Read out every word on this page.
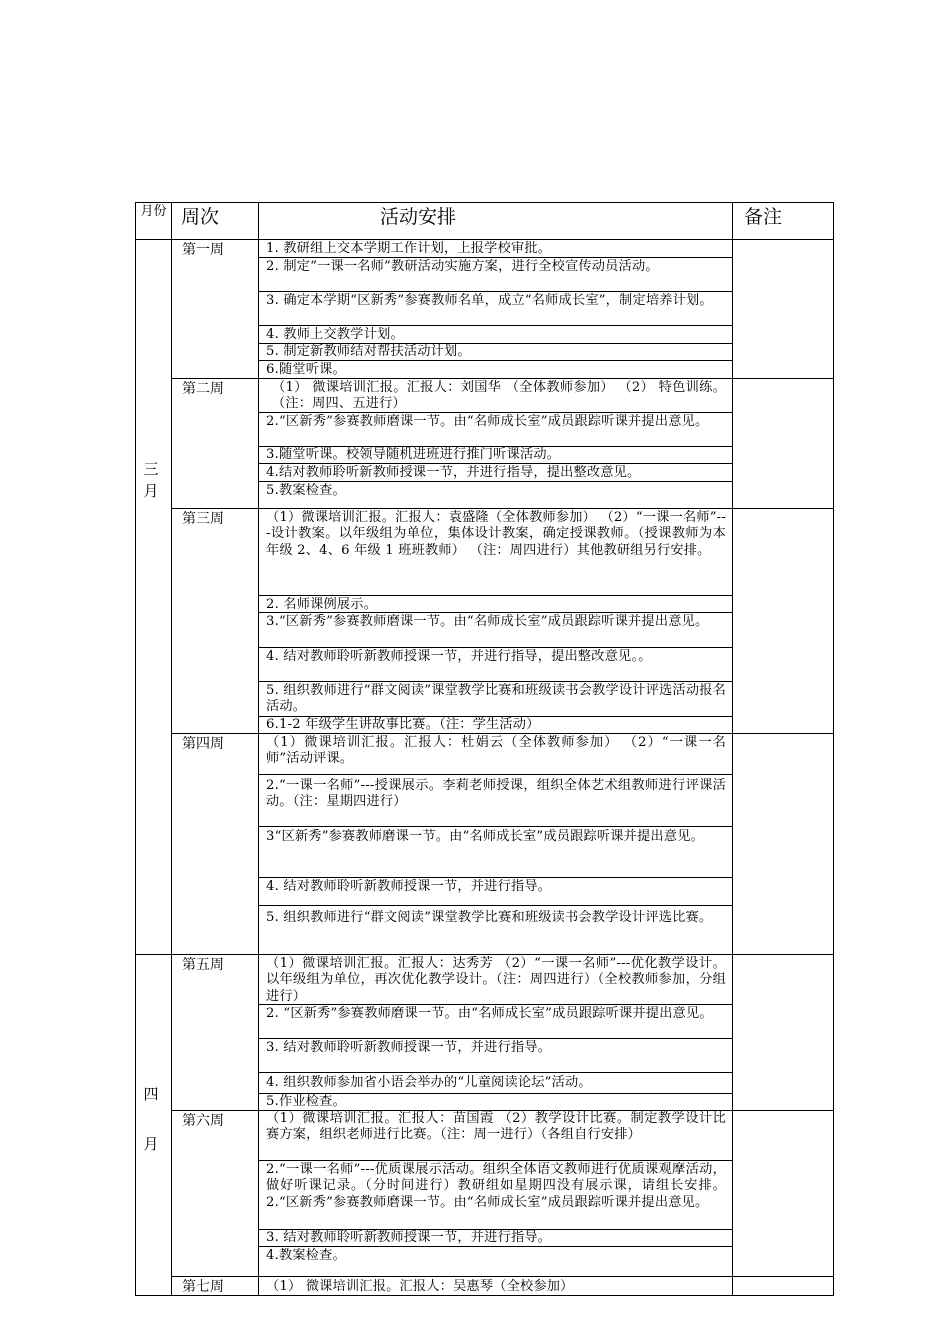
月份 周次	活动安排	备注
三月
四月
第一周
第二周
第三周
第四周
第五周
第六周
第七周
1. 教研组上交本学期工作计划，上报学校审批。
2. 制定“一课一名师”教研活动实施方案，进行全校宣传动员活动。
3. 确定本学期“区新秀”参赛教师名单，成立“名师成长室”，制定培养计划。
4. 教师上交教学计划。
5. 制定新教师结对帮扶活动计划。
6.随堂听课。
（1） 微课培训汇报。汇报人：刘国华 （全体教师参加） （2） 特色训练。 （注：周四、五进行）
2.“区新秀”参赛教师磨课一节。由“名师成长室”成员跟踪听课并提出意见。
3.随堂听课。校领导随机进班进行推门听课活动。
4.结对教师聆听新教师授课一节，并进行指导，提出整改意见。
5.教案检查。
（1）微课培训汇报。汇报人：袁盛隆（全体教师参加） （2）“一课一名师”---设计教案。以年级组为单位，集体设计教案，确定授课教师。（授课教师为本年级 2、4、6 年级 1 班班教师） （注：周四进行）其他教研组另行安排。
2. 名师课例展示。
3.“区新秀”参赛教师磨课一节。由“名师成长室”成员跟踪听课并提出意见。
4. 结对教师聆听新教师授课一节，并进行指导，提出整改意见。。
5. 组织教师进行“群文阅读”课堂教学比赛和班级读书会教学设计评选活动报名活动。
6.1-2 年级学生讲故事比赛。（注：学生活动）
（1）微课培训汇报。汇报人：杜娟云（全体教师参加） （2）“一课一名师”活动评课。
2.“一课一名师”---授课展示。李莉老师授课，组织全体艺术组教师进行评课活动。（注：星期四进行）
3“区新秀”参赛教师磨课一节。由“名师成长室”成员跟踪听课并提出意见。
4. 结对教师聆听新教师授课一节，并进行指导。
5. 组织教师进行“群文阅读”课堂教学比赛和班级读书会教学设计评选比赛。
（1）微课培训汇报。汇报人：达秀芳 （2）“一课一名师”---优化教学设计。以年级组为单位，再次优化教学设计。（注：周四进行）（全校教师参加，分组进行）
2. “区新秀”参赛教师磨课一节。由“名师成长室”成员跟踪听课并提出意见。
3. 结对教师聆听新教师授课一节，并进行指导。
4. 组织教师参加省小语会举办的“儿童阅读论坛”活动。
5.作业检查。
（1）微课培训汇报。汇报人：苗国霞 （2）教学设计比赛。制定教学设计比赛方案，组织老师进行比赛。（注：周一进行）（各组自行安排）
2.“一课一名师”---优质课展示活动。组织全体语文教师进行优质课观摩活动，做好听课记录。（分时间进行）教研组如星期四没有展示课，请组长安排。2.“区新秀”参赛教师磨课一节。由“名师成长室”成员跟踪听课并提出意见。
3. 结对教师聆听新教师授课一节，并进行指导。
4.教案检查。
（1） 微课培训汇报。汇报人：吴惠琴（全校参加）
